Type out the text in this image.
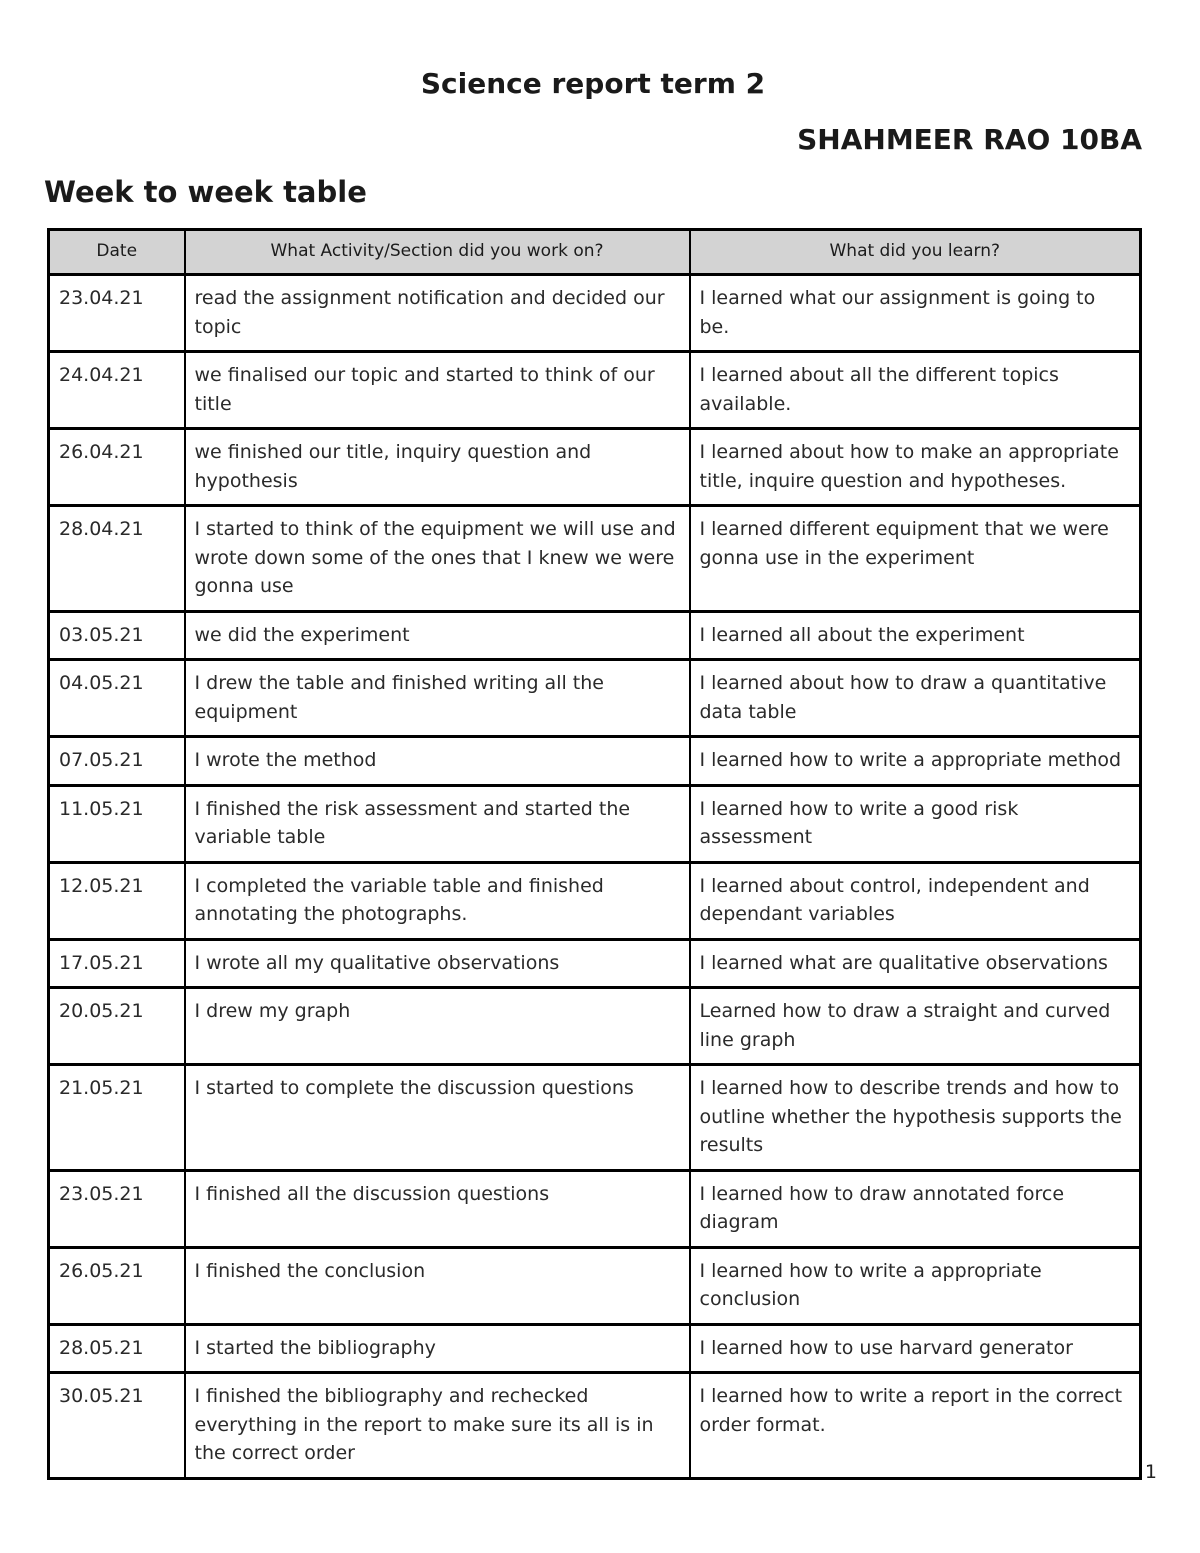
Science report term 2
SHAHMEER RAO 10BA
Week to week table
Date	What Activity/Section did you work on?	What did you learn?
23.04.21	read the assignment notification and decided our topic	I learned what our assignment is going to be.
24.04.21	we finalised our topic and started to think of our title	I learned about all the different topics available.
26.04.21	we finished our title, inquiry question and hypothesis	I learned about how to make an appropriate title, inquire question and hypotheses.
28.04.21	I started to think of the equipment we will use and wrote down some of the ones that I knew we were gonna use	I learned different equipment that we were gonna use in the experiment
03.05.21	we did the experiment	I learned all about the experiment
04.05.21	I drew the table and finished writing all the equipment	I learned about how to draw a quantitative data table
07.05.21	I wrote the method	I learned how to write a appropriate method
11.05.21	I finished the risk assessment and started the variable table	I learned how to write a good risk assessment
12.05.21	I completed the variable table and finished annotating the photographs.	I learned about control, independent and dependant variables
17.05.21	I wrote all my qualitative observations	I learned what are qualitative observations
20.05.21	I drew my graph	Learned how to draw a straight and curved line graph
21.05.21	I started to complete the discussion questions	I learned how to describe trends and how to outline whether the hypothesis supports the results
23.05.21	I finished all the discussion questions	I learned how to draw annotated force diagram
26.05.21	I finished the conclusion	I learned how to write a appropriate conclusion
28.05.21	I started the bibliography	I learned how to use harvard generator
30.05.21	I finished the bibliography and rechecked everything in the report to make sure its all is in the correct order	I learned how to write a report in the correct order format.
1
